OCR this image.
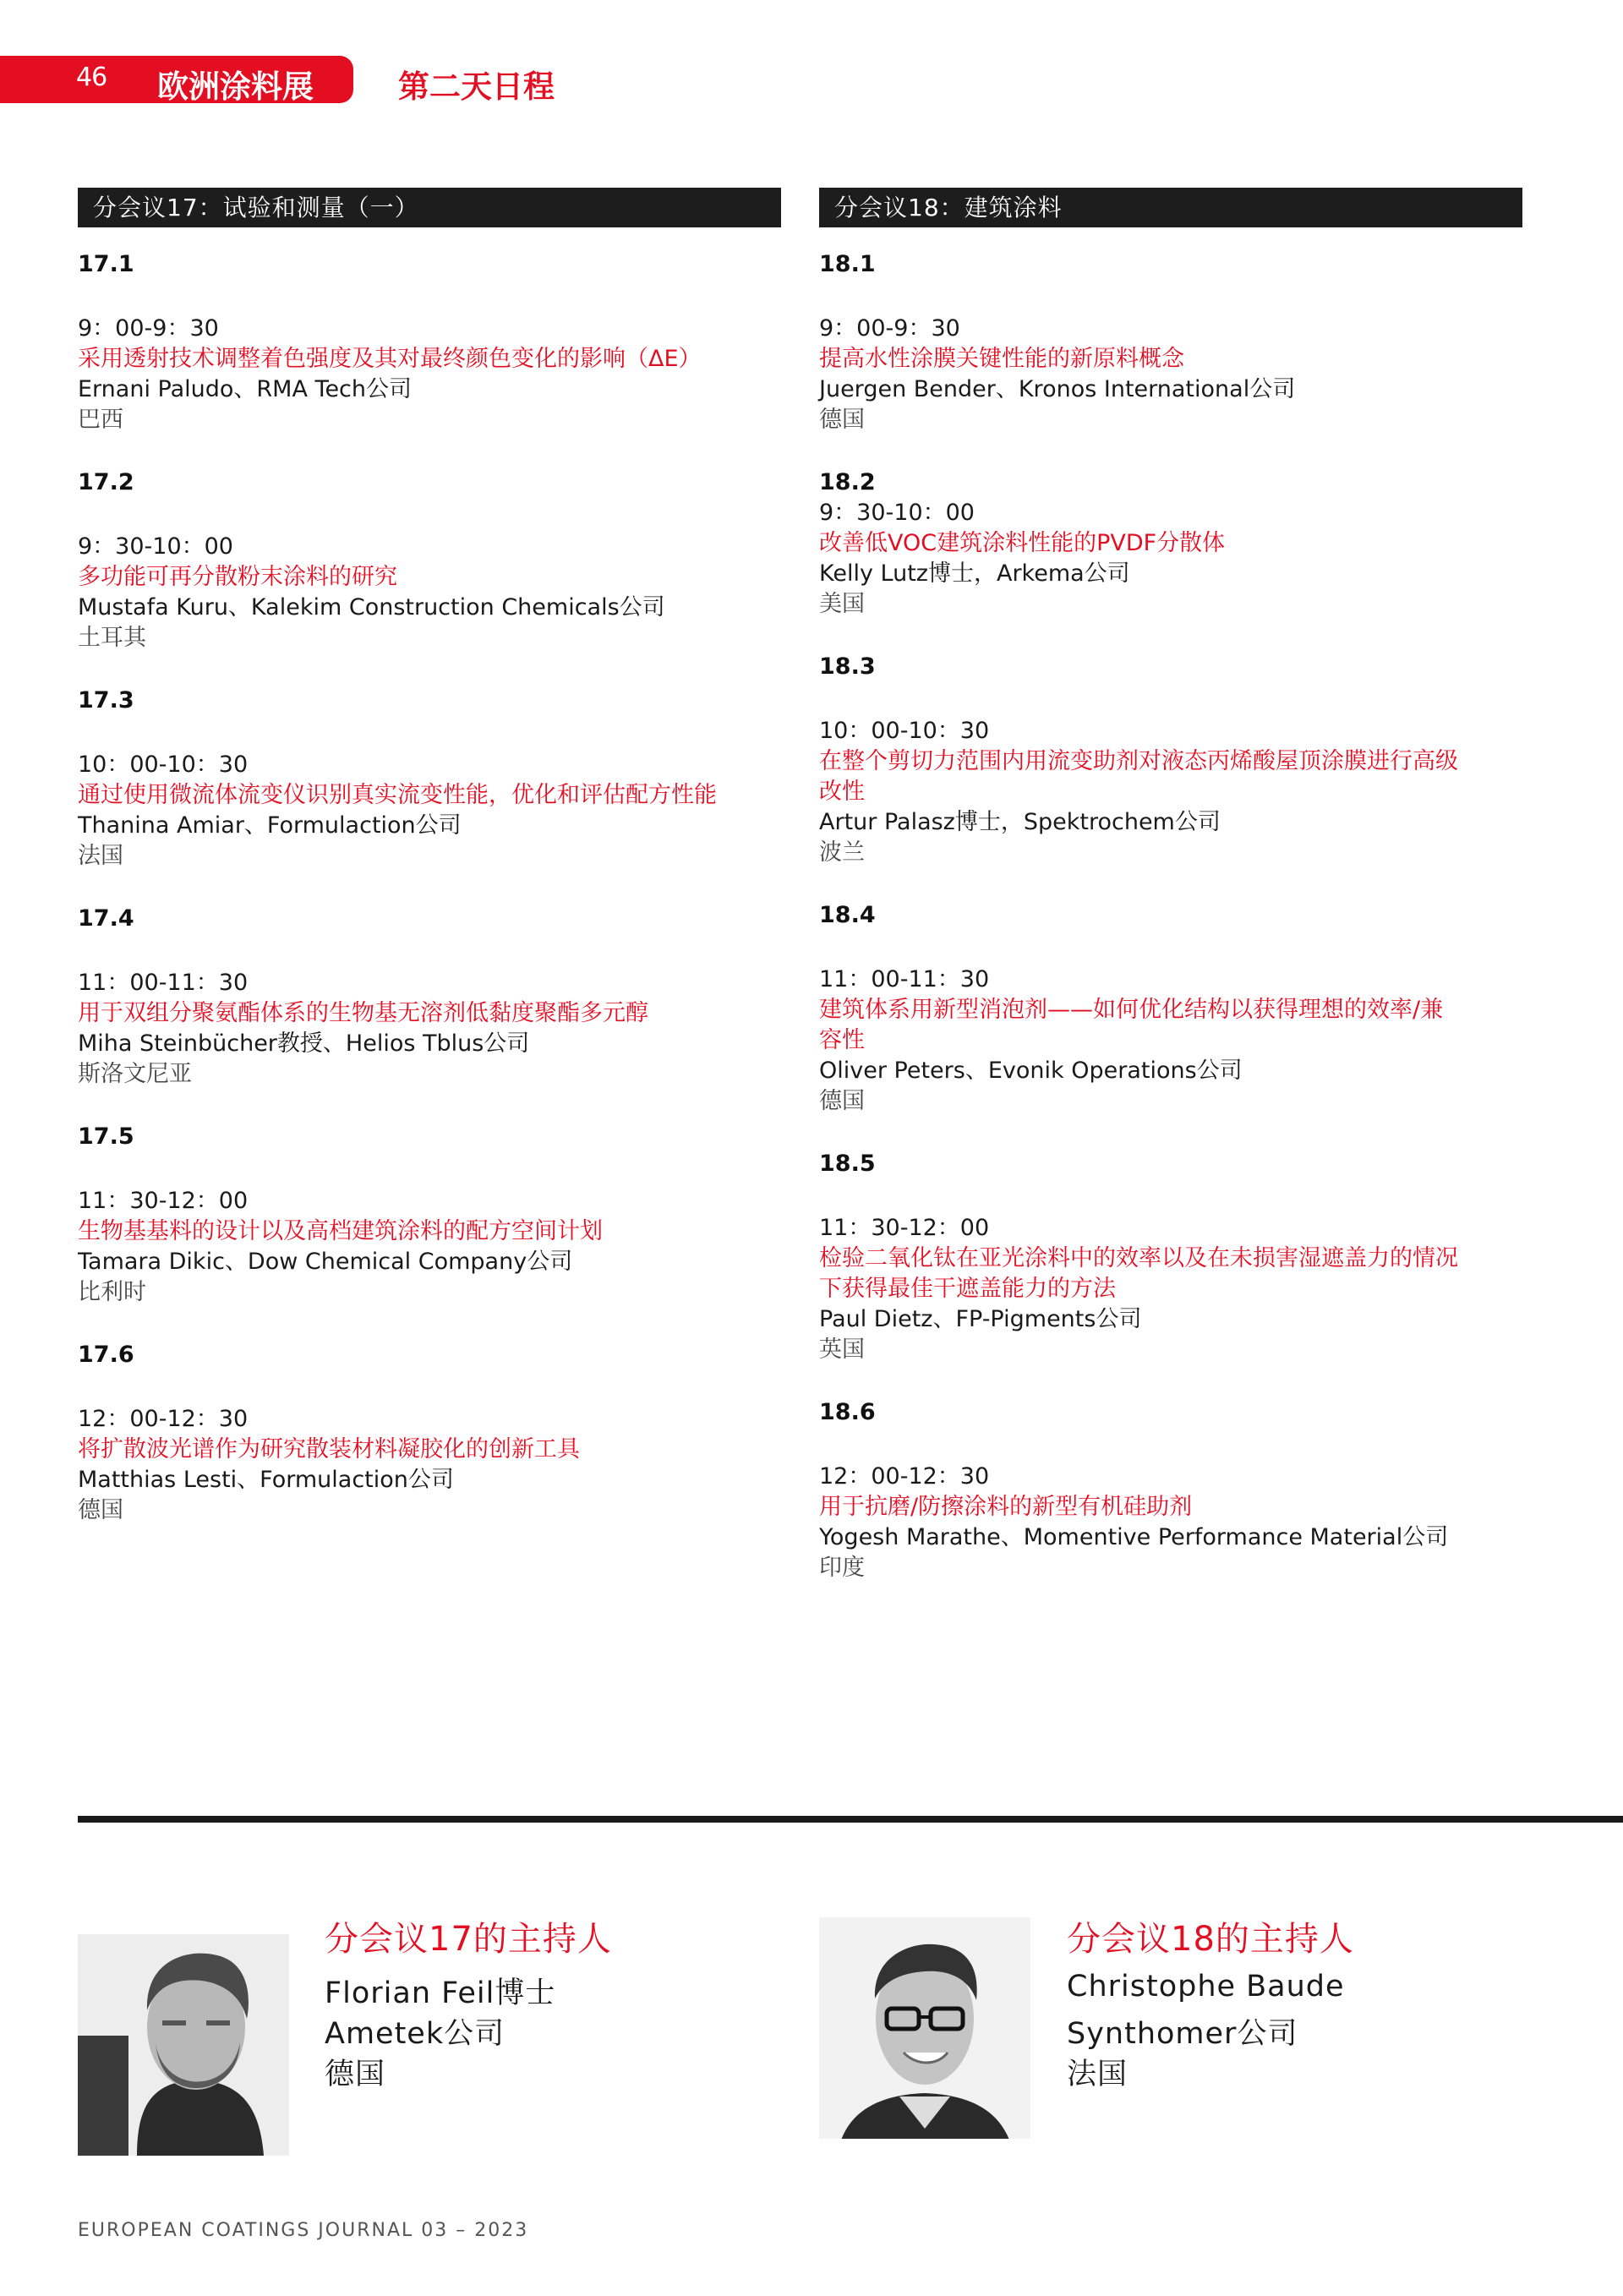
46 欧洲涂料展	第二天日程
分会议17：试验和测量（一）
17.1
9：00-9：30
采用透射技术调整着色强度及其对最终颜色变化的影响（ΔE）
Ernani Paludo、RMA Tech公司
巴西
17.2
9：30-10：00
多功能可再分散粉末涂料的研究
Mustafa Kuru、Kalekim Construction Chemicals公司
土耳其
17.3
10：00-10：30
通过使用微流体流变仪识别真实流变性能，优化和评估配方性能
Thanina Amiar、Formulaction公司
法国
17.4
11：00-11：30
用于双组分聚氨酯体系的生物基无溶剂低黏度聚酯多元醇
Miha Steinbücher教授、Helios Tblus公司
斯洛文尼亚
17.5
11：30-12：00
生物基基料的设计以及高档建筑涂料的配方空间计划
Tamara Dikic、Dow Chemical Company公司
比利时
17.6
12：00-12：30
将扩散波光谱作为研究散装材料凝胶化的创新工具
Matthias Lesti、Formulaction公司
德国
分会议18：建筑涂料
18.1
9：00-9：30
提高水性涂膜关键性能的新原料概念
Juergen Bender、Kronos International公司
德国
18.2
9：30-10：00
改善低VOC建筑涂料性能的PVDF分散体
Kelly Lutz博士，Arkema公司
美国
18.3
10：00-10：30
在整个剪切力范围内用流变助剂对液态丙烯酸屋顶涂膜进行高级
改性
Artur Palasz博士，Spektrochem公司
波兰
18.4
11：00-11：30
建筑体系用新型消泡剂——如何优化结构以获得理想的效率/兼
容性
Oliver Peters、Evonik Operations公司
德国
18.5
11：30-12：00
检验二氧化钛在亚光涂料中的效率以及在未损害湿遮盖力的情况
下获得最佳干遮盖能力的方法
Paul Dietz、FP-Pigments公司
英国
18.6
12：00-12：30
用于抗磨/防擦涂料的新型有机硅助剂
Yogesh Marathe、Momentive Performance Material公司
印度
分会议17的主持人
Florian Feil博士
Ametek公司
德国
分会议18的主持人
Christophe Baude
Synthomer公司
法国
EUROPEAN COATINGS JOURNAL 03 – 2023
